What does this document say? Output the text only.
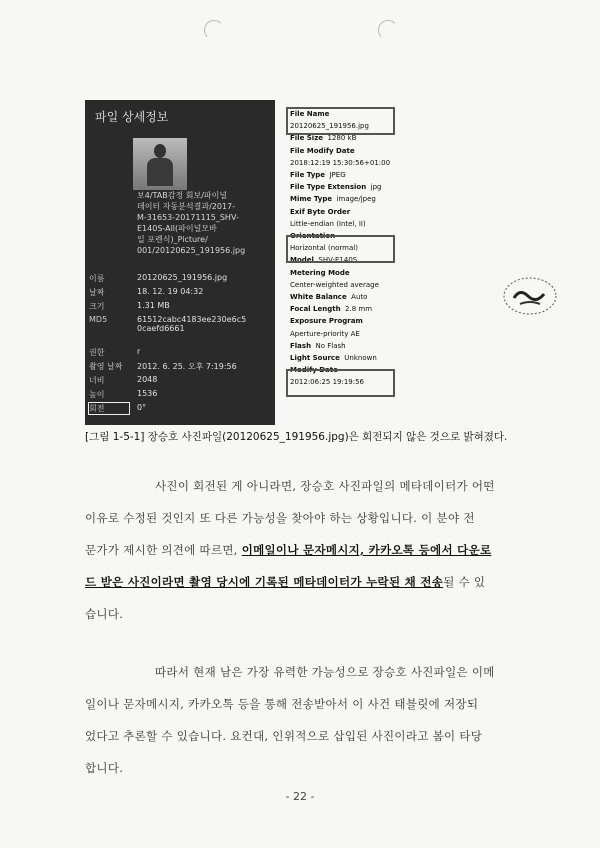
파일 상세정보
보4/TAB감정 회보/파이널
데이터 자동분석결과/2017-
M-31653-20171115_SHV-
E140S-All(파이널모바
일 포렌식)_Picture/
001/20120625_191956.jpg
이름	20120625_191956.jpg
날짜	18. 12. 19 04:32
크기	1.31 MB
MD5	61512cabc4183ee230e6c5
0caefd6661
권한	r
촬영 날짜	2012. 6. 25. 오후 7:19:56
너비	2048
높이	1536
회전	0°
File Name
20120625_191956.jpg
File Size 1280 kB
File Modify Date
2018:12:19 15:30:56+01:00
File Type JPEG
File Type Extension jpg
Mime Type image/jpeg
Exif Byte Order
Little-endian (Intel, II)
Orientation
Horizontal (normal)
Model SHV-E140S
Metering Mode
Center-weighted average
White Balance Auto
Focal Length 2.8 mm
Exposure Program
Aperture-priority AE
Flash No Flash
Light Source Unknown
Modify Date
2012:06:25 19:19:56
[그림 1-5-1] 장승호 사진파일(20120625_191956.jpg)은 회전되지 않은 것으로 밝혀졌다.
사진이 회전된 게 아니라면, 장승호 사진파일의 메타데이터가 어떤
이유로 수정된 것인지 또 다른 가능성을 찾아야 하는 상황입니다. 이 분야 전
문가가 제시한 의견에 따르면, 이메일이나 문자메시지, 카카오톡 등에서 다운로
드 받은 사진이라면 촬영 당시에 기록된 메타데이터가 누락된 채 전송될 수 있
습니다.
따라서 현재 남은 가장 유력한 가능성으로 장승호 사진파일은 이메
일이나 문자메시지, 카카오톡 등을 통해 전송받아서 이 사건 태블릿에 저장되
었다고 추론할 수 있습니다. 요컨대, 인위적으로 삽입된 사진이라고 봄이 타당
합니다.
- 22 -
